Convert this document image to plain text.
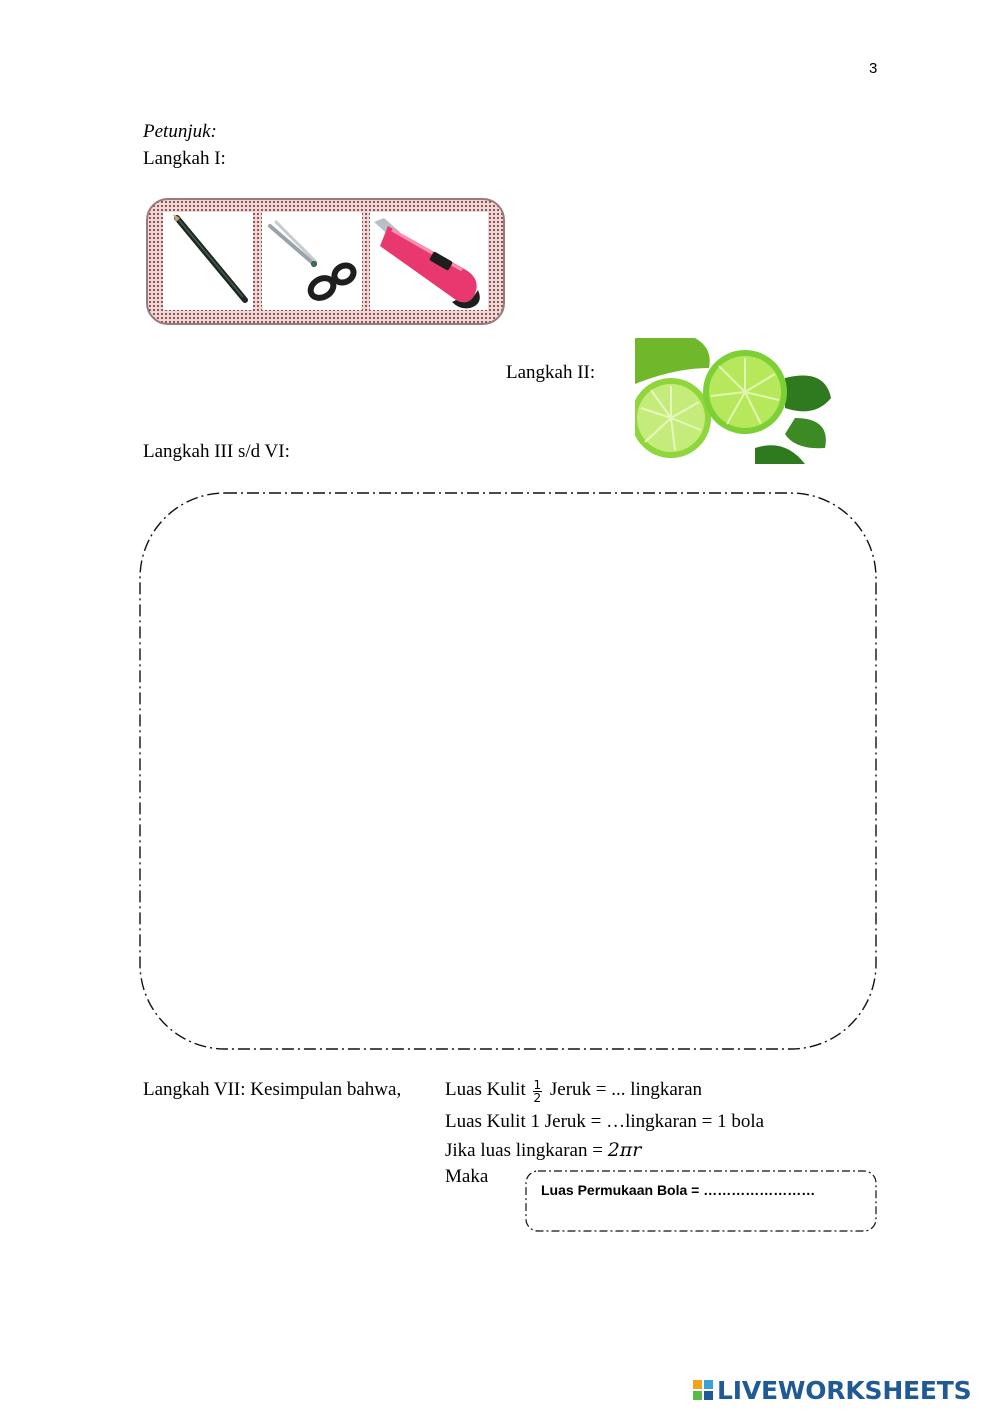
3
Petunjuk:
Langkah I:
Langkah II:
Langkah III s/d VI:
Langkah VII: Kesimpulan bahwa, Luas Kulit $\frac{1}{2}$ Jeruk = ... lingkaran
Luas Kulit 1 Jeruk = …lingkaran = 1 bola
Jika luas lingkaran = 2πr
Maka
Luas Permukaan Bola = ……………………
LIVEWORKSHEETS
